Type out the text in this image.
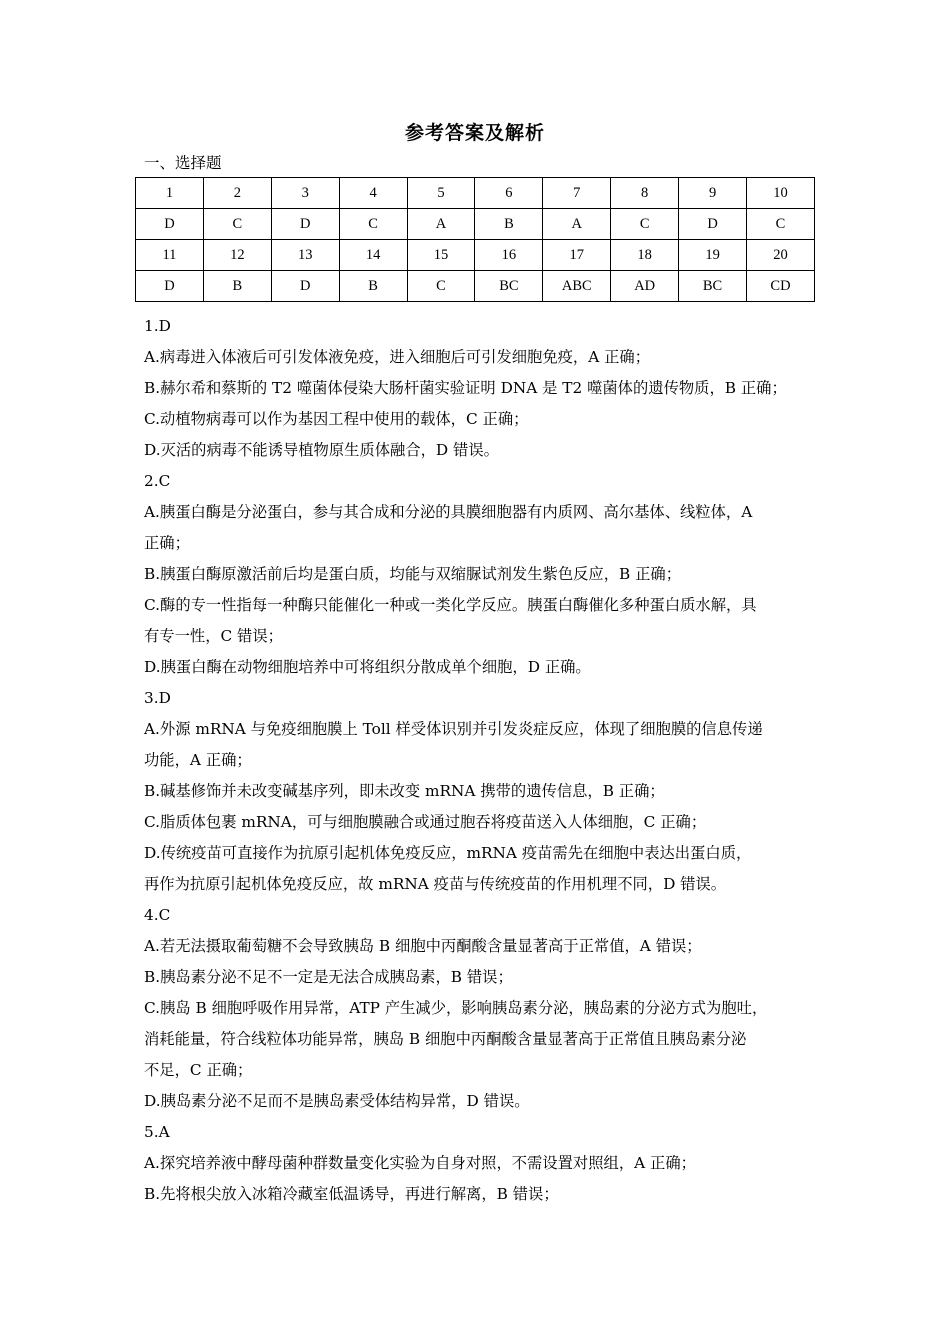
参考答案及解析
一、选择题
1	2	3	4	5	6	7	8	9	10
D	C	D	C	A	B	A	C	D	C
11	12	13	14	15	16	17	18	19	20
D	B	D	B	C	BC	ABC	AD	BC	CD

1.D

A.病毒进入体液后可引发体液免疫，进入细胞后可引发细胞免疫，A 正确；

B.赫尔希和蔡斯的 T2 噬菌体侵染大肠杆菌实验证明 DNA 是 T2 噬菌体的遗传物质，B 正确；

C.动植物病毒可以作为基因工程中使用的载体，C 正确；

D.灭活的病毒不能诱导植物原生质体融合，D 错误。

2.C

A.胰蛋白酶是分泌蛋白，参与其合成和分泌的具膜细胞器有内质网、高尔基体、线粒体，A

正确；

B.胰蛋白酶原激活前后均是蛋白质，均能与双缩脲试剂发生紫色反应，B 正确；

C.酶的专一性指每一种酶只能催化一种或一类化学反应。胰蛋白酶催化多种蛋白质水解，具

有专一性，C 错误；

D.胰蛋白酶在动物细胞培养中可将组织分散成单个细胞，D 正确。

3.D

A.外源 mRNA 与免疫细胞膜上 Toll 样受体识别并引发炎症反应，体现了细胞膜的信息传递

功能，A 正确；

B.碱基修饰并未改变碱基序列，即未改变 mRNA 携带的遗传信息，B 正确；

C.脂质体包裹 mRNA，可与细胞膜融合或通过胞吞将疫苗送入人体细胞，C 正确；

D.传统疫苗可直接作为抗原引起机体免疫反应，mRNA 疫苗需先在细胞中表达出蛋白质，

再作为抗原引起机体免疫反应，故 mRNA 疫苗与传统疫苗的作用机理不同，D 错误。

4.C

A.若无法摄取葡萄糖不会导致胰岛 B 细胞中丙酮酸含量显著高于正常值，A 错误；

B.胰岛素分泌不足不一定是无法合成胰岛素，B 错误；

C.胰岛 B 细胞呼吸作用异常，ATP 产生减少，影响胰岛素分泌，胰岛素的分泌方式为胞吐，

消耗能量，符合线粒体功能异常，胰岛 B 细胞中丙酮酸含量显著高于正常值且胰岛素分泌

不足，C 正确；

D.胰岛素分泌不足而不是胰岛素受体结构异常，D 错误。

5.A

A.探究培养液中酵母菌种群数量变化实验为自身对照，不需设置对照组，A 正确；

B.先将根尖放入冰箱冷藏室低温诱导，再进行解离，B 错误；
